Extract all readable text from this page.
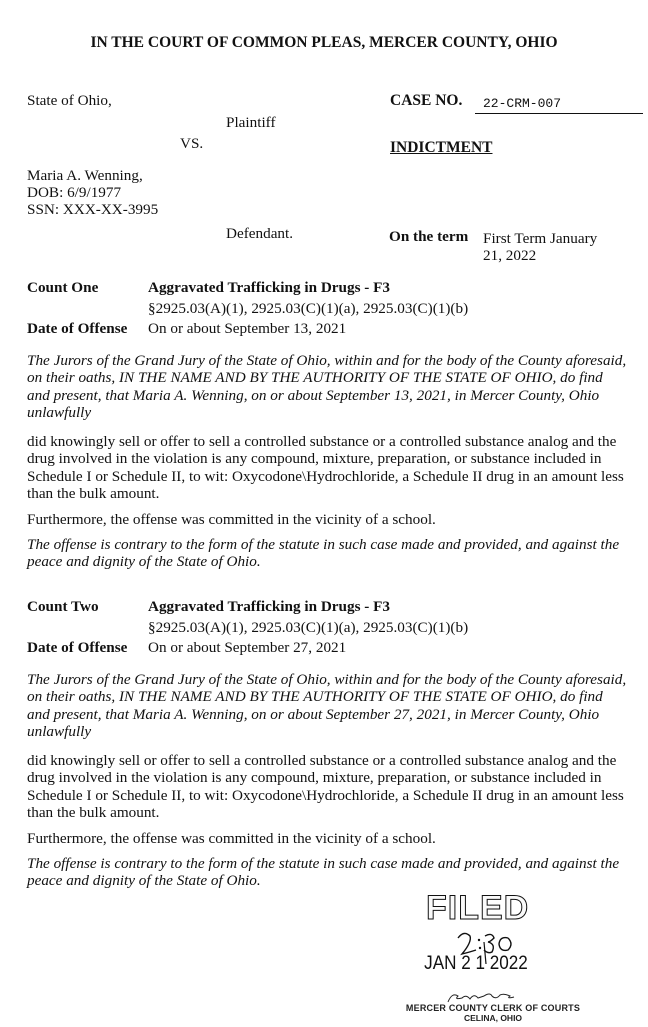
IN THE COURT OF COMMON PLEAS, MERCER COUNTY, OHIO
State of Ohio,
Plaintiff
VS.
Maria A. Wenning,
DOB: 6/9/1977
SSN: XXX-XX-3995
Defendant.
CASE NO.	22-CRM-007
INDICTMENT
On the term First Term January
21, 2022
Count One	Aggravated Trafficking in Drugs - F3
§2925.03(A)(1), 2925.03(C)(1)(a), 2925.03(C)(1)(b)
Date of Offense On or about September 13, 2021
The Jurors of the Grand Jury of the State of Ohio, within and for the body of the County aforesaid, on their oaths, IN THE NAME AND BY THE AUTHORITY OF THE STATE OF OHIO, do find and present, that Maria A. Wenning, on or about September 13, 2021, in Mercer County, Ohio unlawfully
did knowingly sell or offer to sell a controlled substance or a controlled substance analog and the drug involved in the violation is any compound, mixture, preparation, or substance included in Schedule I or Schedule II, to wit: Oxycodone\Hydrochloride, a Schedule II drug in an amount less than the bulk amount.
Furthermore, the offense was committed in the vicinity of a school.
The offense is contrary to the form of the statute in such case made and provided, and against the peace and dignity of the State of Ohio.
Count Two	Aggravated Trafficking in Drugs - F3
§2925.03(A)(1), 2925.03(C)(1)(a), 2925.03(C)(1)(b)
Date of Offense On or about September 27, 2021
The Jurors of the Grand Jury of the State of Ohio, within and for the body of the County aforesaid, on their oaths, IN THE NAME AND BY THE AUTHORITY OF THE STATE OF OHIO, do find and present, that Maria A. Wenning, on or about September 27, 2021, in Mercer County, Ohio unlawfully
did knowingly sell or offer to sell a controlled substance or a controlled substance analog and the drug involved in the violation is any compound, mixture, preparation, or substance included in Schedule I or Schedule II, to wit: Oxycodone\Hydrochloride, a Schedule II drug in an amount less than the bulk amount.
Furthermore, the offense was committed in the vicinity of a school.
The offense is contrary to the form of the statute in such case made and provided, and against the peace and dignity of the State of Ohio.
FILED
JAN 2 1 2022
MERCER COUNTY CLERK OF COURTS
CELINA, OHIO
